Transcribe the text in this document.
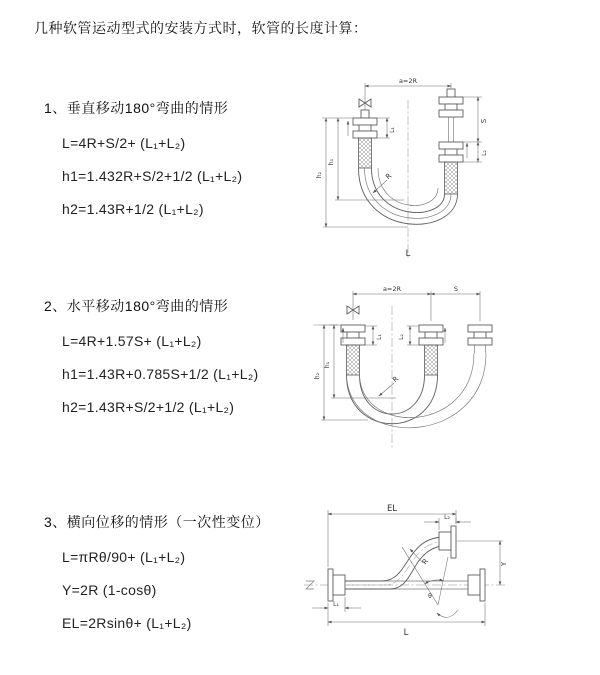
几种软管运动型式的安装方式时，软管的长度计算：
1、垂直移动180°弯曲的情形
L=4R+S/2+ (L₁+L₂)
h1=1.432R+S/2+1/2 (L₁+L₂)
h2=1.43R+1/2 (L₁+L₂)
2、水平移动180°弯曲的情形
L=4R+1.57S+ (L₁+L₂)
h1=1.43R+0.785S+1/2 (L₁+L₂)
h2=1.43R+S/2+1/2 (L₁+L₂)
3、横向位移的情形（一次性变位）
L=πRθ/90+ (L₁+L₂)
Y=2R (1-cosθ)
EL=2Rsinθ+ (L₁+L₂)
a=2R
L₁
S
L₂
h₁
h₂	R
L
a=2R	S
L₁	L₂
h₁
h₂	R
EL
L₂
Y
L
L₁
R
θ
